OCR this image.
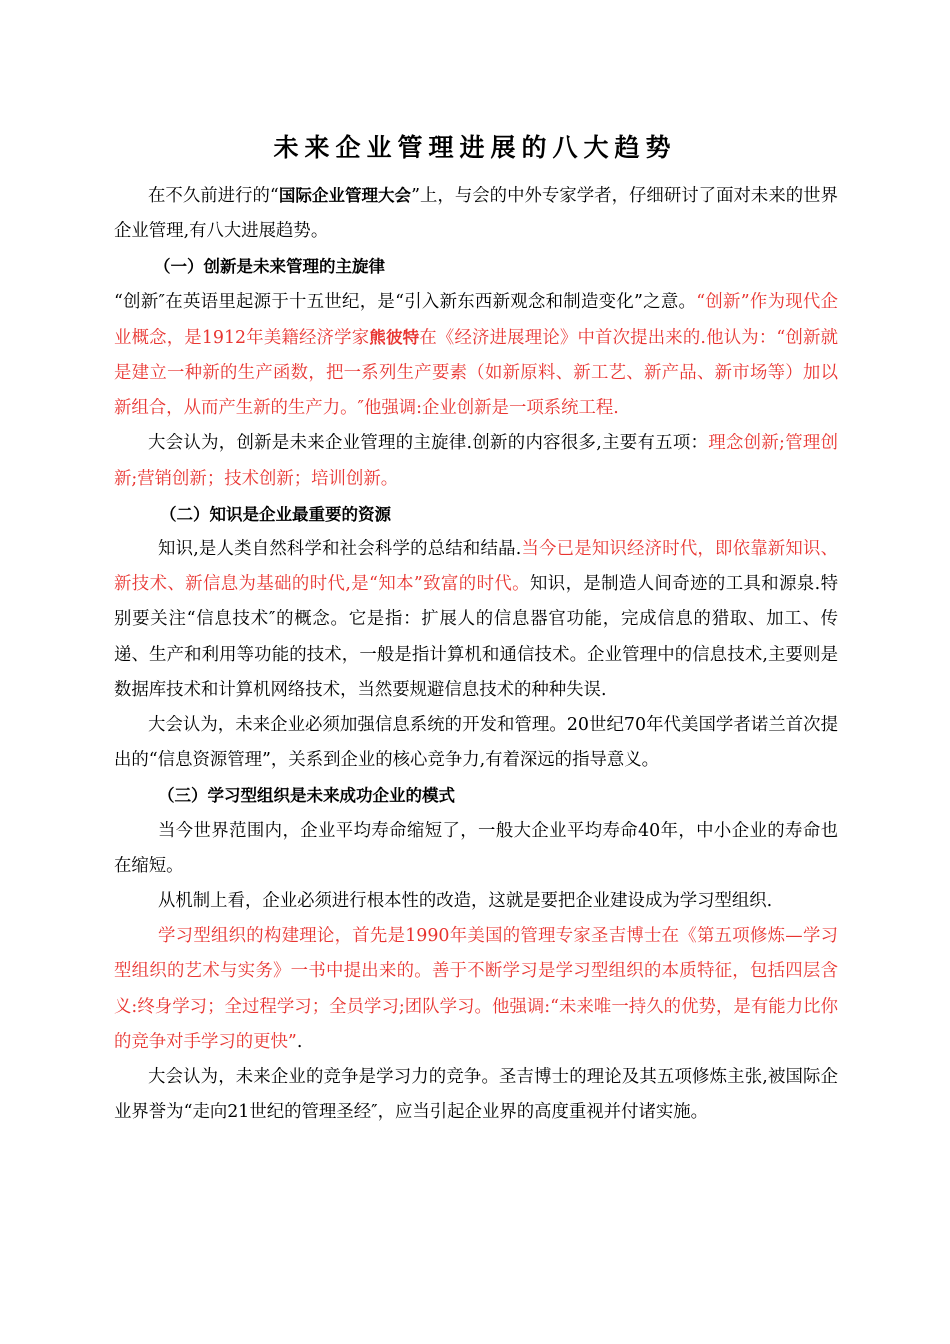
未来企业管理进展的八大趋势

在不久前进行的“国际企业管理大会”上，与会的中外专家学者，仔细研讨了面对未来的世界企业管理,有八大进展趋势。

（一）创新是未来管理的主旋律

“创新″在英语里起源于十五世纪，是“引入新东西新观念和制造变化”之意。“创新”作为现代企业概念，是1912年美籍经济学家熊彼特在《经济进展理论》中首次提出来的.他认为：“创新就是建立一种新的生产函数，把一系列生产要素（如新原料、新工艺、新产品、新市场等）加以新组合，从而产生新的生产力。″他强调:企业创新是一项系统工程.

大会认为，创新是未来企业管理的主旋律.创新的内容很多,主要有五项：理念创新;管理创新;营销创新；技术创新；培训创新。

（二）知识是企业最重要的资源

知识,是人类自然科学和社会科学的总结和结晶.当今已是知识经济时代，即依靠新知识、新技术、新信息为基础的时代,是“知本”致富的时代。知识，是制造人间奇迹的工具和源泉.特别要关注“信息技术″的概念。它是指：扩展人的信息器官功能，完成信息的猎取、加工、传递、生产和利用等功能的技术，一般是指计算机和通信技术。企业管理中的信息技术,主要则是数据库技术和计算机网络技术，当然要规避信息技术的种种失误.

大会认为，未来企业必须加强信息系统的开发和管理。20世纪70年代美国学者诺兰首次提出的“信息资源管理”，关系到企业的核心竞争力,有着深远的指导意义。

（三）学习型组织是未来成功企业的模式

当今世界范围内，企业平均寿命缩短了，一般大企业平均寿命40年，中小企业的寿命也在缩短。

从机制上看，企业必须进行根本性的改造，这就是要把企业建设成为学习型组织.

学习型组织的构建理论，首先是1990年美国的管理专家圣吉博士在《第五项修炼—学习型组织的艺术与实务》一书中提出来的。善于不断学习是学习型组织的本质特征，包括四层含义:终身学习；全过程学习；全员学习;团队学习。他强调:“未来唯一持久的优势，是有能力比你的竞争对手学习的更快”.

大会认为，未来企业的竞争是学习力的竞争。圣吉博士的理论及其五项修炼主张,被国际企业界誉为“走向21世纪的管理圣经″，应当引起企业界的高度重视并付诸实施。
